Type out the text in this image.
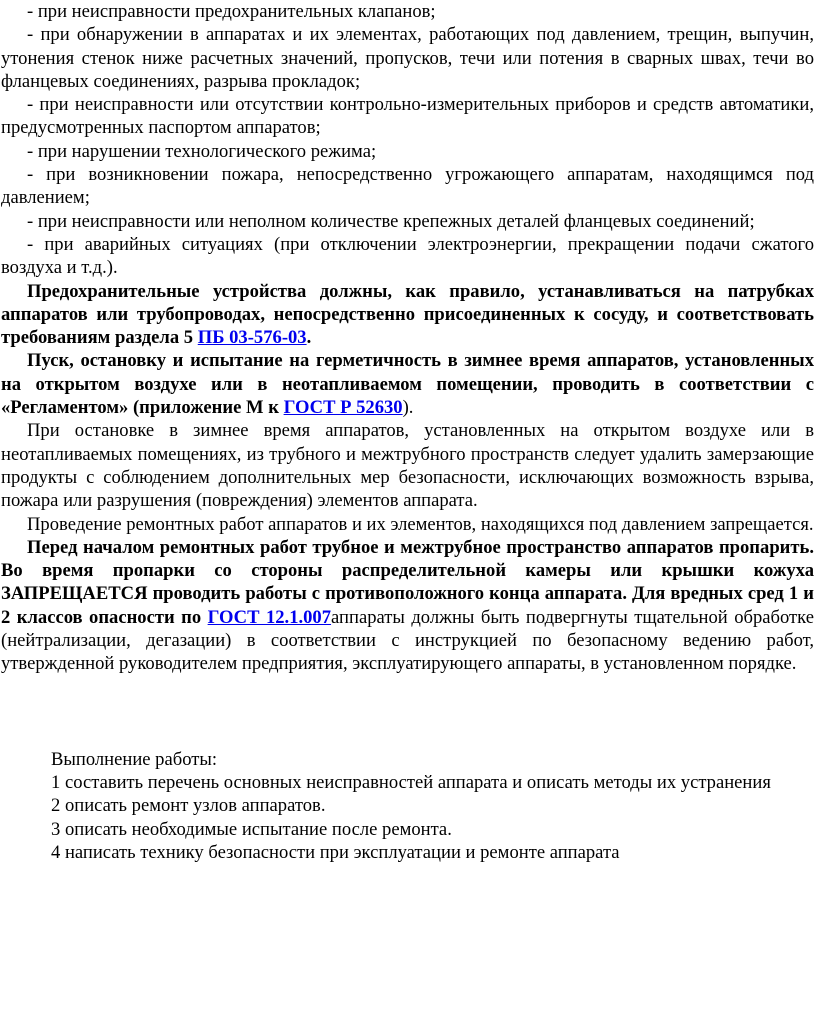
- при неисправности предохранительных клапанов;

- при обнаружении в аппаратах и их элементах, работающих под давлением, трещин, выпучин, утонения стенок ниже расчетных значений, пропусков, течи или потения в сварных швах, течи во фланцевых соединениях, разрыва прокладок;

- при неисправности или отсутствии контрольно-измерительных приборов и средств автоматики, предусмотренных паспортом аппаратов;

- при нарушении технологического режима;

- при возникновении пожара, непосредственно угрожающего аппаратам, находящимся под давлением;

- при неисправности или неполном количестве крепежных деталей фланцевых соединений;

- при аварийных ситуациях (при отключении электроэнергии, прекращении подачи сжатого воздуха и т.д.).

Предохранительные устройства должны, как правило, устанавливаться на патрубках аппаратов или трубопроводах, непосредственно присоединенных к сосуду, и соответствовать требованиям раздела 5 ПБ 03-576-03.

Пуск, остановку и испытание на герметичность в зимнее время аппаратов, установленных на открытом воздухе или в неотапливаемом помещении, проводить в соответствии с «Регламентом» (приложение М к ГОСТ Р 52630).

При остановке в зимнее время аппаратов, установленных на открытом воздухе или в неотапливаемых помещениях, из трубного и межтрубного пространств следует удалить замерзающие продукты с соблюдением дополнительных мер безопасности, исключающих возможность взрыва, пожара или разрушения (повреждения) элементов аппарата.

Проведение ремонтных работ аппаратов и их элементов, находящихся под давлением запрещается.

Перед началом ремонтных работ трубное и межтрубное пространство аппаратов пропарить. Во время пропарки со стороны распределительной камеры или крышки кожуха ЗАПРЕЩАЕТСЯ проводить работы с противоположного конца аппарата. Для вредных сред 1 и 2 классов опасности по ГОСТ 12.1.007аппараты должны быть подвергнуты тщательной обработке (нейтрализации, дегазации) в соответствии с инструкцией по безопасному ведению работ, утвержденной руководителем предприятия, эксплуатирующего аппараты, в установленном порядке.

Выполнение работы:

1 составить перечень основных неисправностей аппарата и описать методы их устранения

2 описать ремонт узлов аппаратов.

3 описать необходимые испытание после ремонта.

4 написать технику безопасности при эксплуатации и ремонте аппарата
